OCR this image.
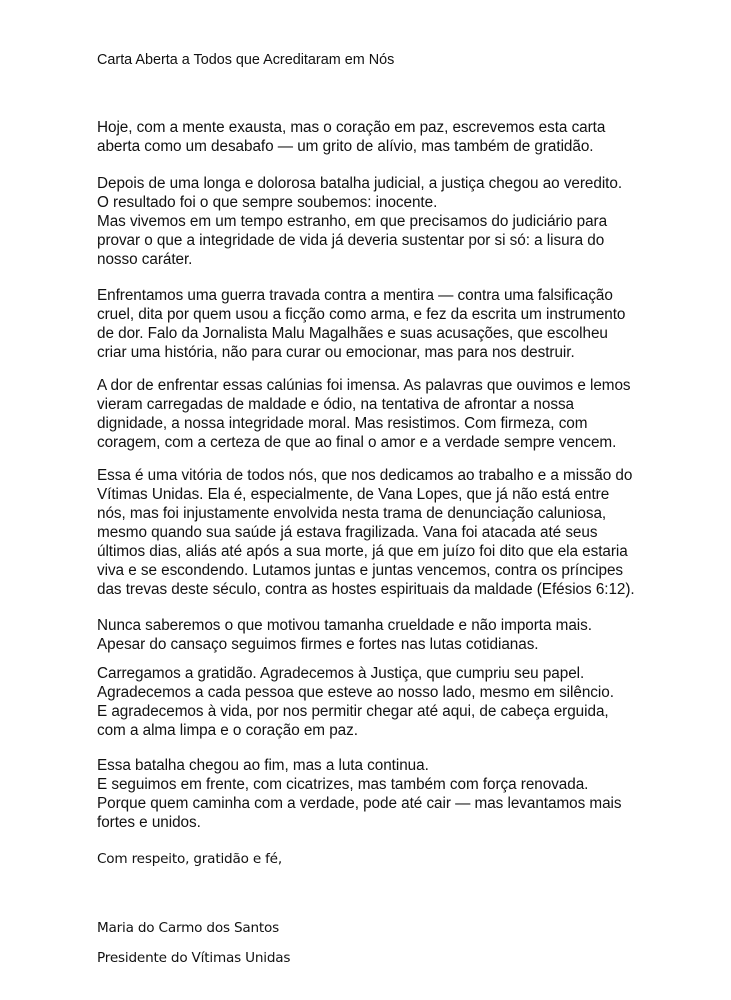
Carta Aberta a Todos que Acreditaram em Nós

Hoje, com a mente exausta, mas o coração em paz, escrevemos esta carta
aberta como um desabafo — um grito de alívio, mas também de gratidão.

Depois de uma longa e dolorosa batalha judicial, a justiça chegou ao veredito.
O resultado foi o que sempre soubemos: inocente.
Mas vivemos em um tempo estranho, em que precisamos do judiciário para
provar o que a integridade de vida já deveria sustentar por si só: a lisura do
nosso caráter.

Enfrentamos uma guerra travada contra a mentira — contra uma falsificação
cruel, dita por quem usou a ficção como arma, e fez da escrita um instrumento
de dor. Falo da Jornalista Malu Magalhães e suas acusações, que escolheu
criar uma história, não para curar ou emocionar, mas para nos destruir.

A dor de enfrentar essas calúnias foi imensa. As palavras que ouvimos e lemos
vieram carregadas de maldade e ódio, na tentativa de afrontar a nossa
dignidade, a nossa integridade moral. Mas resistimos. Com firmeza, com
coragem, com a certeza de que ao final o amor e a verdade sempre vencem.

Essa é uma vitória de todos nós, que nos dedicamos ao trabalho e a missão do
Vítimas Unidas. Ela é, especialmente, de Vana Lopes, que já não está entre
nós, mas foi injustamente envolvida nesta trama de denunciação caluniosa,
mesmo quando sua saúde já estava fragilizada. Vana foi atacada até seus
últimos dias, aliás até após a sua morte, já que em juízo foi dito que ela estaria
viva e se escondendo. Lutamos juntas e juntas vencemos, contra os príncipes
das trevas deste século, contra as hostes espirituais da maldade (Efésios 6:12).

Nunca saberemos o que motivou tamanha crueldade e não importa mais.
Apesar do cansaço seguimos firmes e fortes nas lutas cotidianas.

Carregamos a gratidão. Agradecemos à Justiça, que cumpriu seu papel.
Agradecemos a cada pessoa que esteve ao nosso lado, mesmo em silêncio.
E agradecemos à vida, por nos permitir chegar até aqui, de cabeça erguida,
com a alma limpa e o coração em paz.

Essa batalha chegou ao fim, mas a luta continua.
E seguimos em frente, com cicatrizes, mas também com força renovada.
Porque quem caminha com a verdade, pode até cair — mas levantamos mais
fortes e unidos.

Com respeito, gratidão e fé,
Maria do Carmo dos Santos
Presidente do Vítimas Unidas
